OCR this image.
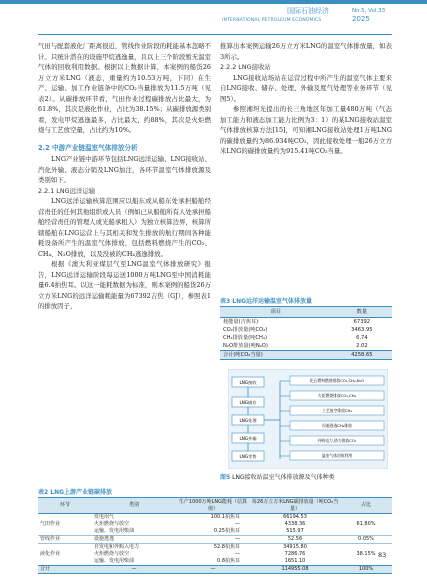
国际石油经济
INTERNATIONAL PETROLEUM ECONOMICS
No.5, Vol.33
2025

气田与配套液化厂距离很近，管线作业阶段的耗能基本忽略不计。只统计潜在的设施甲烷逃逸量，且以上三个阶段暂无温室气体的回收利用数据。根据以上数据计算，本案例的船货26万立方米LNG（液态，重量约为10.53万吨，下同）在生产、运输、加工作业链条中的CO₂当量排放为11.5万吨（见表2）。从碳排放环节看，气田作业过程碳排放占比最大，为61.8%，其次是液化作业，占比为38.15%；从碳排放源类别看，发电甲烷逃逸最多，占比最大，约88%，其次是火炬燃烧与工艺放空量，占比约为10%。

2.2 中游产业链温室气体排放分析

LNG产业链中游环节包括LNG远洋运输、LNG接收站、汽化外输、液态分销及LNG加注，各环节温室气体排放源及类别如下。

2.2.1 LNG远洋运输

LNG远洋运输核算范围应以船东或从船东处承担船舶经营责任的任何其他组织或人员（例如已从船舶所有人处承担船舶经营责任的管理人或光船承租人）为独立核算边界，核算所辖船舶在LNG运营上与其相关和发生排放的航行期间各种能耗设备所产生的温室气体排放，包括燃料燃烧产生的CO₂、CH₄、N₂O排放，以及没被的CH₄逃逸排放。

根据《澳大利亚煤层气至LNG温室气体排放研究》报告，LNG远洋运输阶段每运送1000万吨LNG至中国消耗能量6.4拍焦耳。以这一能耗数据为标准，则本案例的船货26万立方米LNG的远洋运输耗能量为67392吉焦（GJ），参照表1的排放因子，

推算出本案例运输26万立方米LNG的温室气体排放量，如表3所示。

2.2.2 LNG接收站

LNG接收站场站在运营过程中所产生的温室气体主要来自LNG接收、储存、处理、外输及度气处理等业务环节（见图5）。

参照湘坦光提出的长三角地区年加工量480万吨（气态加工能力和液态加工能力比例为3：1）的某LNG接收站温室气体排放核算方法[15]，可知湘LNG接收站处理1万吨LNG的碳排放量约为86.934吨CO₂，因此接收处理一船26万立方米LNG的碳排放量约为915.41吨CO₂当量。

表3 LNG远洋运输温室气体排放量
项目	数量
耗能量(吉焦耳)	67392
CO₂排放量(吨CO₂)	3463.95
CH₄排放量(吨CH₄)	6.74
N₂O排放量(吨N₂O)	2.02
合计(吨CO₂当量)	4258.65
LNG接收
LNG储存
LNG处理
LNG外输
LNG零售
化石燃料燃烧排放CO₂,CH₄,N₂O
火炬燃烧排放CO₂,CH₄
工艺放空排放CH₄
设施逃逸CH₄排放
外购电力,热力排放CO₂
温室气体回收利用
图5 LNG接收站温室气体排放源及气体种类
表2 LNG上游产业链碳排放
环节	类别	生产1000万吨LNG能耗（估算值）	每26万立方米LNG碳排放量（吨CO₂当量）	占比
气田作业	发电用气	100.1拍焦耳	66194.53	61.80%
	火炬燃烧与放空	—	4338.36	
	运输、发电用柴油	0.25拍焦耳	515.97	
管线作业	设施逃逸	—	52.56	0.05%
液化作业	自发电和外购入电力	52.8拍焦耳	34915.80	38.15%
	火炬燃烧与放空	—	7286.76	
	运输、发电用柴油	0.8拍焦耳	1651.10	
合计	—	—	114955.08	100%
83
